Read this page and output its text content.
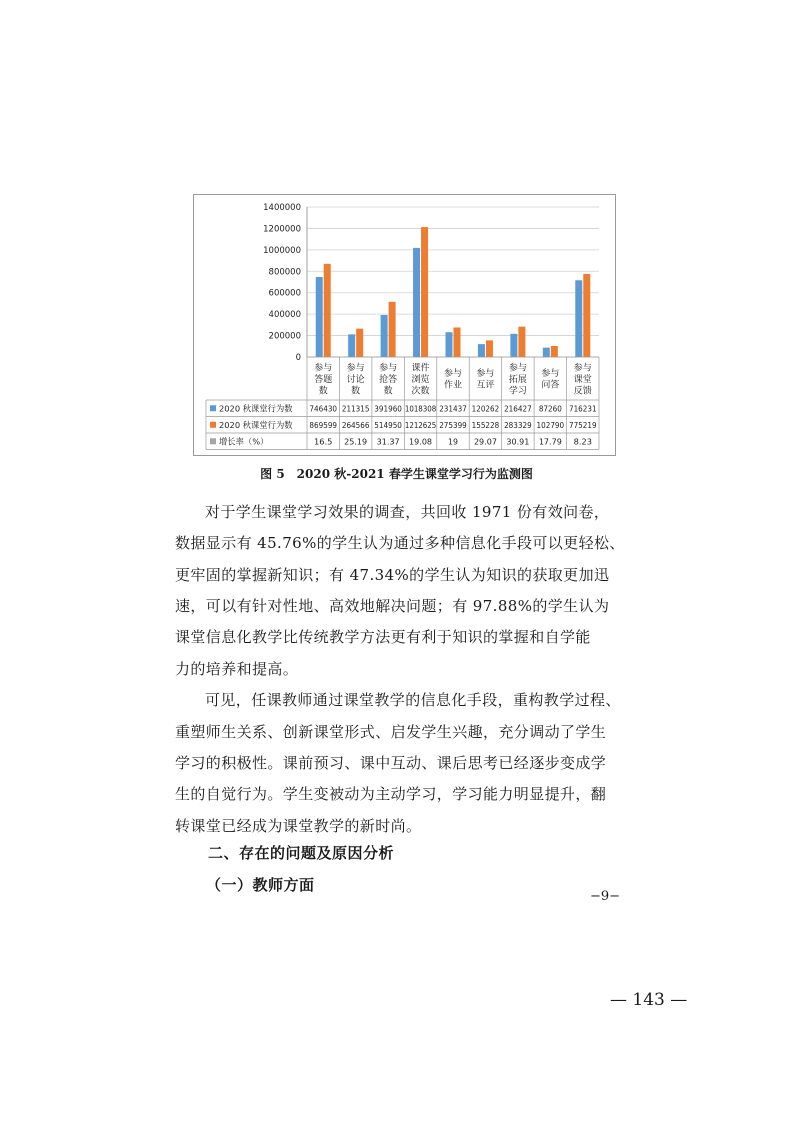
1400000
1200000
1000000
800000
600000
400000
200000
0
参与
答题
数
参与
讨论
数
参与
抢答
数
课件
浏览
次数
参与
作业
参与
互评
参与
拓展
学习
参与
问答
参与
课堂
反馈
2020 秋课堂行为数 746430 211315 391960 1018308 231437 120262 216427 87260 716231
2020 秋课堂行为数 869599 264566 514950 1212625 275399 155228 283329 102790 775219
增长率（%）	16.5 25.19 31.37 19.08 19 29.07 30.91 17.79 8.23
图 5　2020 秋-2021 春学生课堂学习行为监测图
对于学生课堂学习效果的调查，共回收 1971 份有效问卷，
数据显示有 45.76%的学生认为通过多种信息化手段可以更轻松、
更牢固的掌握新知识；有 47.34%的学生认为知识的获取更加迅
速，可以有针对性地、高效地解决问题；有 97.88%的学生认为
课堂信息化教学比传统教学方法更有利于知识的掌握和自学能
力的培养和提高。
可见，任课教师通过课堂教学的信息化手段，重构教学过程、
重塑师生关系、创新课堂形式、启发学生兴趣，充分调动了学生
学习的积极性。课前预习、课中互动、课后思考已经逐步变成学
生的自觉行为。学生变被动为主动学习，学习能力明显提升，翻
转课堂已经成为课堂教学的新时尚。
二、存在的问题及原因分析
（一）教师方面
−9−
— 143 —
